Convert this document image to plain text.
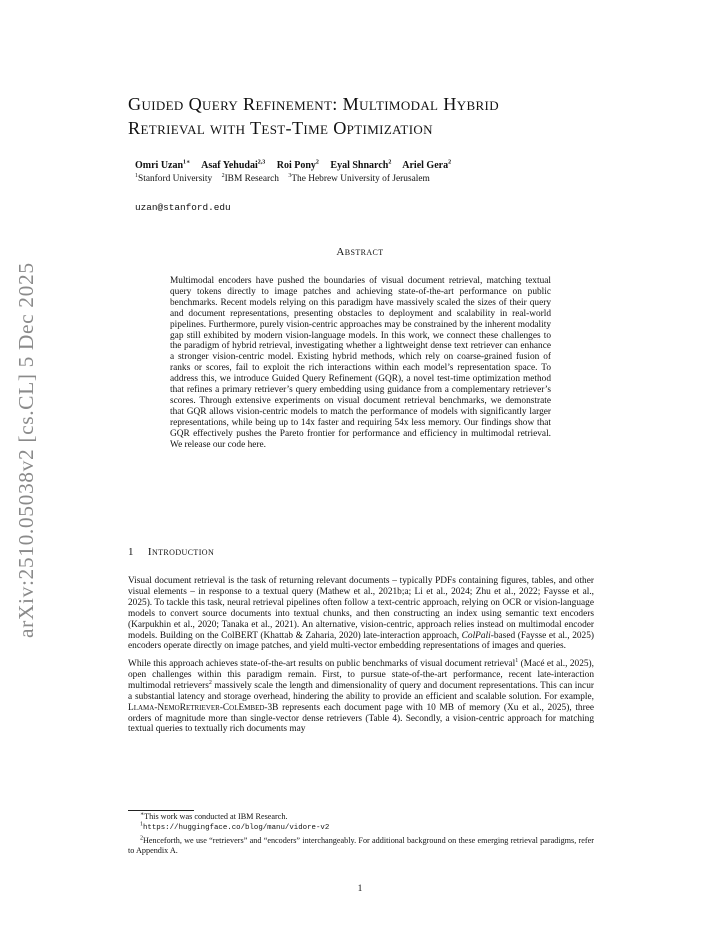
arXiv:2510.05038v2 [cs.CL] 5 Dec 2025
Guided Query Refinement: Multimodal Hybrid
Retrieval with Test-Time Optimization
Omri Uzan$^{1∗}$ Asaf Yehudai$^{2,3}$ Roi Pony$^2$ Eyal Shnarch$^2$ Ariel Gera$^2$
$^1$Stanford University $^2$IBM Research $^3$The Hebrew University of Jerusalem
uzan@stanford.edu
Abstract
Multimodal encoders have pushed the boundaries of visual document retrieval, matching textual query tokens directly to image patches and achieving state-of-the-art performance on public benchmarks. Recent models relying on this paradigm have massively scaled the sizes of their query and document representations, presenting obstacles to deployment and scalability in real-world pipelines. Furthermore, purely vision-centric approaches may be constrained by the inherent modality gap still exhibited by modern vision-language models. In this work, we connect these challenges to the paradigm of hybrid retrieval, investigating whether a lightweight dense text retriever can enhance a stronger vision-centric model. Existing hybrid methods, which rely on coarse-grained fusion of ranks or scores, fail to exploit the rich interactions within each model’s representation space. To address this, we introduce Guided Query Refinement (GQR), a novel test-time optimization method that refines a primary retriever’s query embedding using guidance from a complementary retriever’s scores. Through extensive experiments on visual document retrieval benchmarks, we demonstrate that GQR allows vision-centric models to match the performance of models with significantly larger representations, while being up to 14x faster and requiring 54x less memory. Our findings show that GQR effectively pushes the Pareto frontier for performance and efficiency in multimodal retrieval. We release our code here.
1 Introduction
Visual document retrieval is the task of returning relevant documents – typically PDFs containing figures, tables, and other visual elements – in response to a textual query (Mathew et al., 2021b;a; Li et al., 2024; Zhu et al., 2022; Faysse et al., 2025). To tackle this task, neural retrieval pipelines often follow a text-centric approach, relying on OCR or vision-language models to convert source documents into textual chunks, and then constructing an index using semantic text encoders (Karpukhin et al., 2020; Tanaka et al., 2021). An alternative, vision-centric, approach relies instead on multimodal encoder models. Building on the ColBERT (Khattab & Zaharia, 2020) late-interaction approach, ColPali-based (Faysse et al., 2025) encoders operate directly on image patches, and yield multi-vector embedding representations of images and queries.
While this approach achieves state-of-the-art results on public benchmarks of visual document retrieval$^1$ (Macé et al., 2025), open challenges within this paradigm remain. First, to pursue state-of-the-art performance, recent late-interaction multimodal retrievers$^2$ massively scale the length and dimensionality of query and document representations. This can incur a substantial latency and storage overhead, hindering the ability to provide an efficient and scalable solution. For example, Llama-NemoRetriever-ColEmbed-3B represents each document page with 10 MB of memory (Xu et al., 2025), three orders of magnitude more than single-vector dense retrievers (Table 4). Secondly, a vision-centric approach for matching textual queries to textually rich documents may
∗This work was conducted at IBM Research.
$^1$https://huggingface.co/blog/manu/vidore-v2
$^2$Henceforth, we use “retrievers” and “encoders” interchangeably. For additional background on these emerging retrieval paradigms, refer to Appendix A.
1
